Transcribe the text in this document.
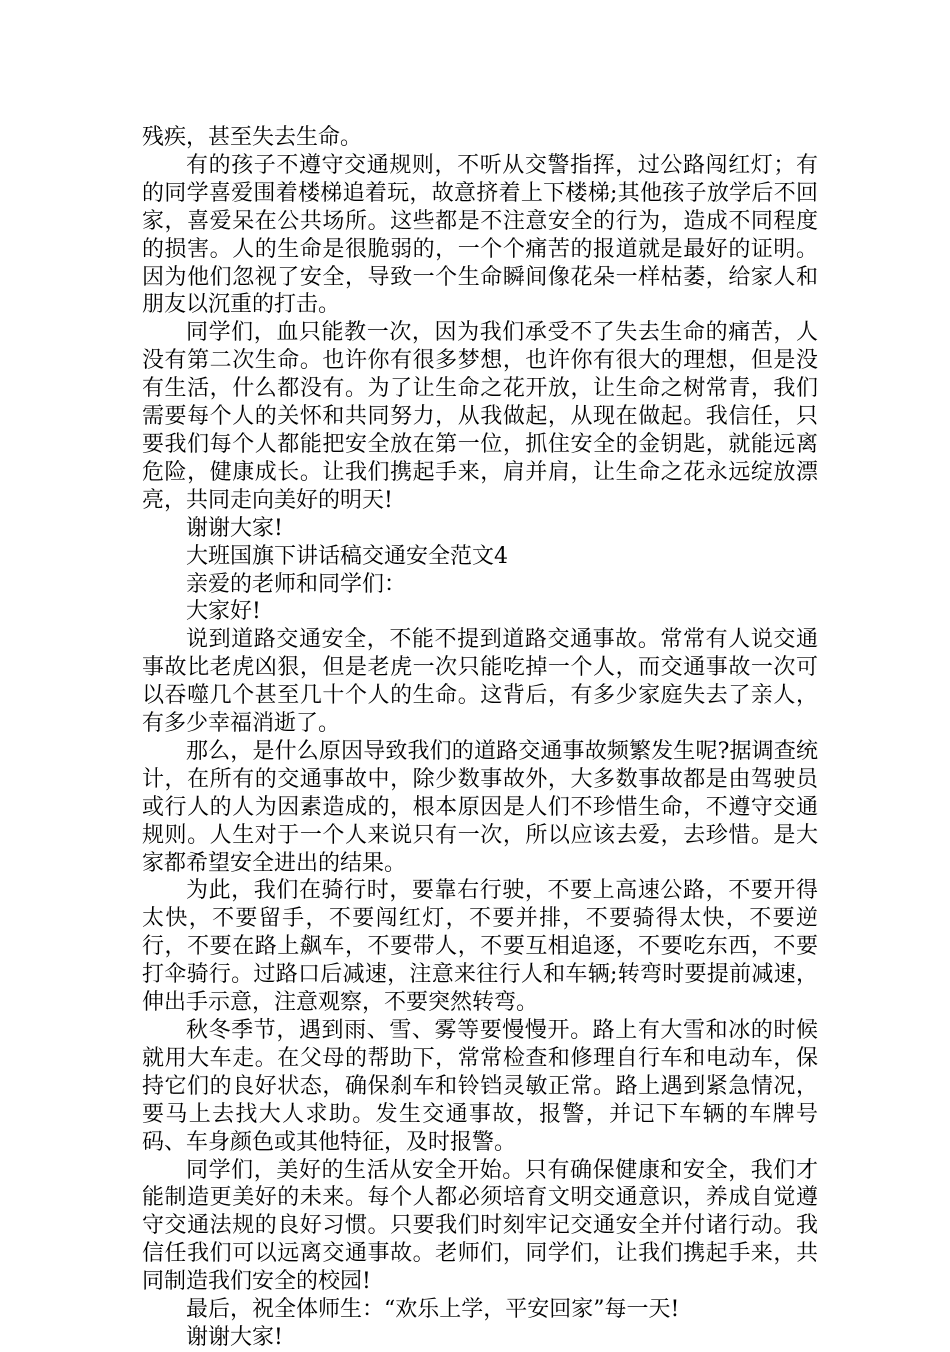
残疾，甚至失去生命。

有的孩子不遵守交通规则，不听从交警指挥，过公路闯红灯；有的同学喜爱围着楼梯追着玩，故意挤着上下楼梯;其他孩子放学后不回家，喜爱呆在公共场所。这些都是不注意安全的行为，造成不同程度的损害。人的生命是很脆弱的，一个个痛苦的报道就是最好的证明。因为他们忽视了安全，导致一个生命瞬间像花朵一样枯萎，给家人和朋友以沉重的打击。

同学们，血只能教一次，因为我们承受不了失去生命的痛苦，人没有第二次生命。也许你有很多梦想，也许你有很大的理想，但是没有生活，什么都没有。为了让生命之花开放，让生命之树常青，我们需要每个人的关怀和共同努力，从我做起，从现在做起。我信任，只要我们每个人都能把安全放在第一位，抓住安全的金钥匙，就能远离危险，健康成长。让我们携起手来，肩并肩，让生命之花永远绽放漂亮，共同走向美好的明天!

谢谢大家!

大班国旗下讲话稿交通安全范文4

亲爱的老师和同学们：

大家好!

说到道路交通安全，不能不提到道路交通事故。常常有人说交通事故比老虎凶狠，但是老虎一次只能吃掉一个人，而交通事故一次可以吞噬几个甚至几十个人的生命。这背后，有多少家庭失去了亲人，有多少幸福消逝了。

那么，是什么原因导致我们的道路交通事故频繁发生呢?据调查统计，在所有的交通事故中，除少数事故外，大多数事故都是由驾驶员或行人的人为因素造成的，根本原因是人们不珍惜生命，不遵守交通规则。人生对于一个人来说只有一次，所以应该去爱，去珍惜。是大家都希望安全进出的结果。

为此，我们在骑行时，要靠右行驶，不要上高速公路，不要开得太快，不要留手，不要闯红灯，不要并排，不要骑得太快，不要逆行，不要在路上飙车，不要带人，不要互相追逐，不要吃东西，不要打伞骑行。过路口后减速，注意来往行人和车辆;转弯时要提前减速，伸出手示意，注意观察，不要突然转弯。

秋冬季节，遇到雨、雪、雾等要慢慢开。路上有大雪和冰的时候就用大车走。在父母的帮助下，常常检查和修理自行车和电动车，保持它们的良好状态，确保刹车和铃铛灵敏正常。路上遇到紧急情况，要马上去找大人求助。发生交通事故，报警，并记下车辆的车牌号码、车身颜色或其他特征，及时报警。

同学们，美好的生活从安全开始。只有确保健康和安全，我们才能制造更美好的未来。每个人都必须培育文明交通意识，养成自觉遵守交通法规的良好习惯。只要我们时刻牢记交通安全并付诸行动。我信任我们可以远离交通事故。老师们，同学们，让我们携起手来，共同制造我们安全的校园!

最后，祝全体师生：“欢乐上学，平安回家”每一天!

谢谢大家!
